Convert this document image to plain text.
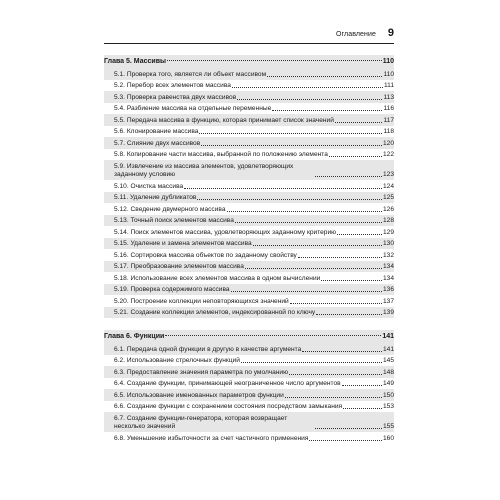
Оглавление 9
Глава 5. Массивы	110
5.1. Проверка того, является ли объект массивом	110
5.2. Перебор всех элементов массива	111
5.3. Проверка равенства двух массивов	113
5.4. Разбиение массива на отдельные переменные	116
5.5. Передача массива в функцию, которая принимает список значений	117
5.6. Клонирование массива	118
5.7. Слияние двух массивов	120
5.8. Копирование части массива, выбранной по положению элемента	122
5.9. Извлечение из массива элементов, удовлетворяющих заданному условию	123
5.10. Очистка массива	124
5.11. Удаление дубликатов	125
5.12. Сведение двумерного массива	126
5.13. Точный поиск элементов массива	128
5.14. Поиск элементов массива, удовлетворяющих заданному критерию	129
5.15. Удаление и замена элементов массива	130
5.16. Сортировка массива объектов по заданному свойству	132
5.17. Преобразование элементов массива	134
5.18. Использование всех элементов массива в одном вычислении	134
5.19. Проверка содержимого массива	136
5.20. Построение коллекции неповторяющихся значений	137
5.21. Создание коллекции элементов, индексированной по ключу	139
Глава 6. Функции	141
6.1. Передача одной функции в другую в качестве аргумента	141
6.2. Использование стрелочных функций	145
6.3. Предоставление значения параметра по умолчанию	148
6.4. Создание функции, принимающей неограниченное число аргументов	149
6.5. Использование именованных параметров функции	150
6.6. Создание функции с сохранением состояния посредством замыкания	153
6.7. Создание функции-генератора, которая возвращает несколько значений	155
6.8. Уменьшение избыточности за счет частичного применения	160
